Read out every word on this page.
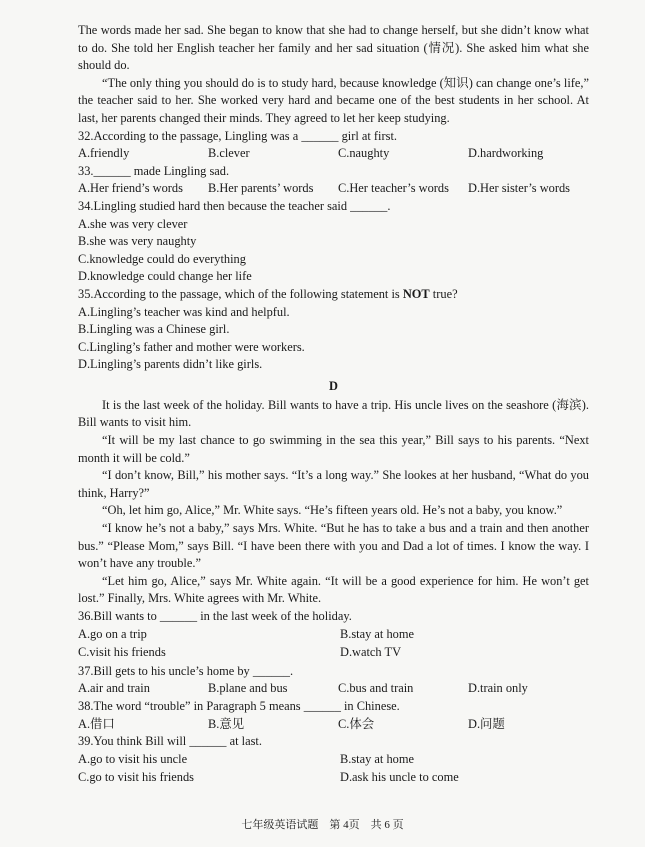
The words made her sad. She began to know that she had to change herself, but she didn’t know what to do. She told her English teacher her family and her sad situation (情况). She asked him what she should do.

“The only thing you should do is to study hard, because knowledge (知识) can change one’s life,” the teacher said to her. She worked very hard and became one of the best students in her school. At last, her parents changed their minds. They agreed to let her keep studying.

32.According to the passage, Lingling was a ______ girl at first.
A.friendly	B.clever	C.naughty	D.hardworking
33.______ made Lingling sad.
A.Her friend’s words	B.Her parents’ words	C.Her teacher’s words	D.Her sister’s words
34.Lingling studied hard then because the teacher said ______.
A.she was very clever
B.she was very naughty
C.knowledge could do everything
D.knowledge could change her life
35.According to the passage, which of the following statement is NOT true?
A.Lingling’s teacher was kind and helpful.
B.Lingling was a Chinese girl.
C.Lingling’s father and mother were workers.
D.Lingling’s parents didn’t like girls.
D

It is the last week of the holiday. Bill wants to have a trip. His uncle lives on the seashore (海滨). Bill wants to visit him.

“It will be my last chance to go swimming in the sea this year,” Bill says to his parents. “Next month it will be cold.”

“I don’t know, Bill,” his mother says. “It’s a long way.” She lookes at her husband, “What do you think, Harry?”

“Oh, let him go, Alice,” Mr. White says. “He’s fifteen years old. He’s not a baby, you know.”

“I know he’s not a baby,” says Mrs. White. “But he has to take a bus and a train and then another bus.” “Please Mom,” says Bill. “I have been there with you and Dad a lot of times. I know the way. I won’t have any trouble.”

“Let him go, Alice,” says Mr. White again. “It will be a good experience for him. He won’t get lost.” Finally, Mrs. White agrees with Mr. White.

36.Bill wants to ______ in the last week of the holiday.
A.go on a trip	B.stay at home
C.visit his friends	D.watch TV
37.Bill gets to his uncle’s home by ______.
A.air and train	B.plane and bus	C.bus and train	D.train only
38.The word “trouble” in Paragraph 5 means ______ in Chinese.
A.借口	B.意见	C.体会	D.问题
39.You think Bill will ______ at last.
A.go to visit his uncle	B.stay at home
C.go to visit his friends	D.ask his uncle to come
七年级英语试题　第 4页　共 6 页
